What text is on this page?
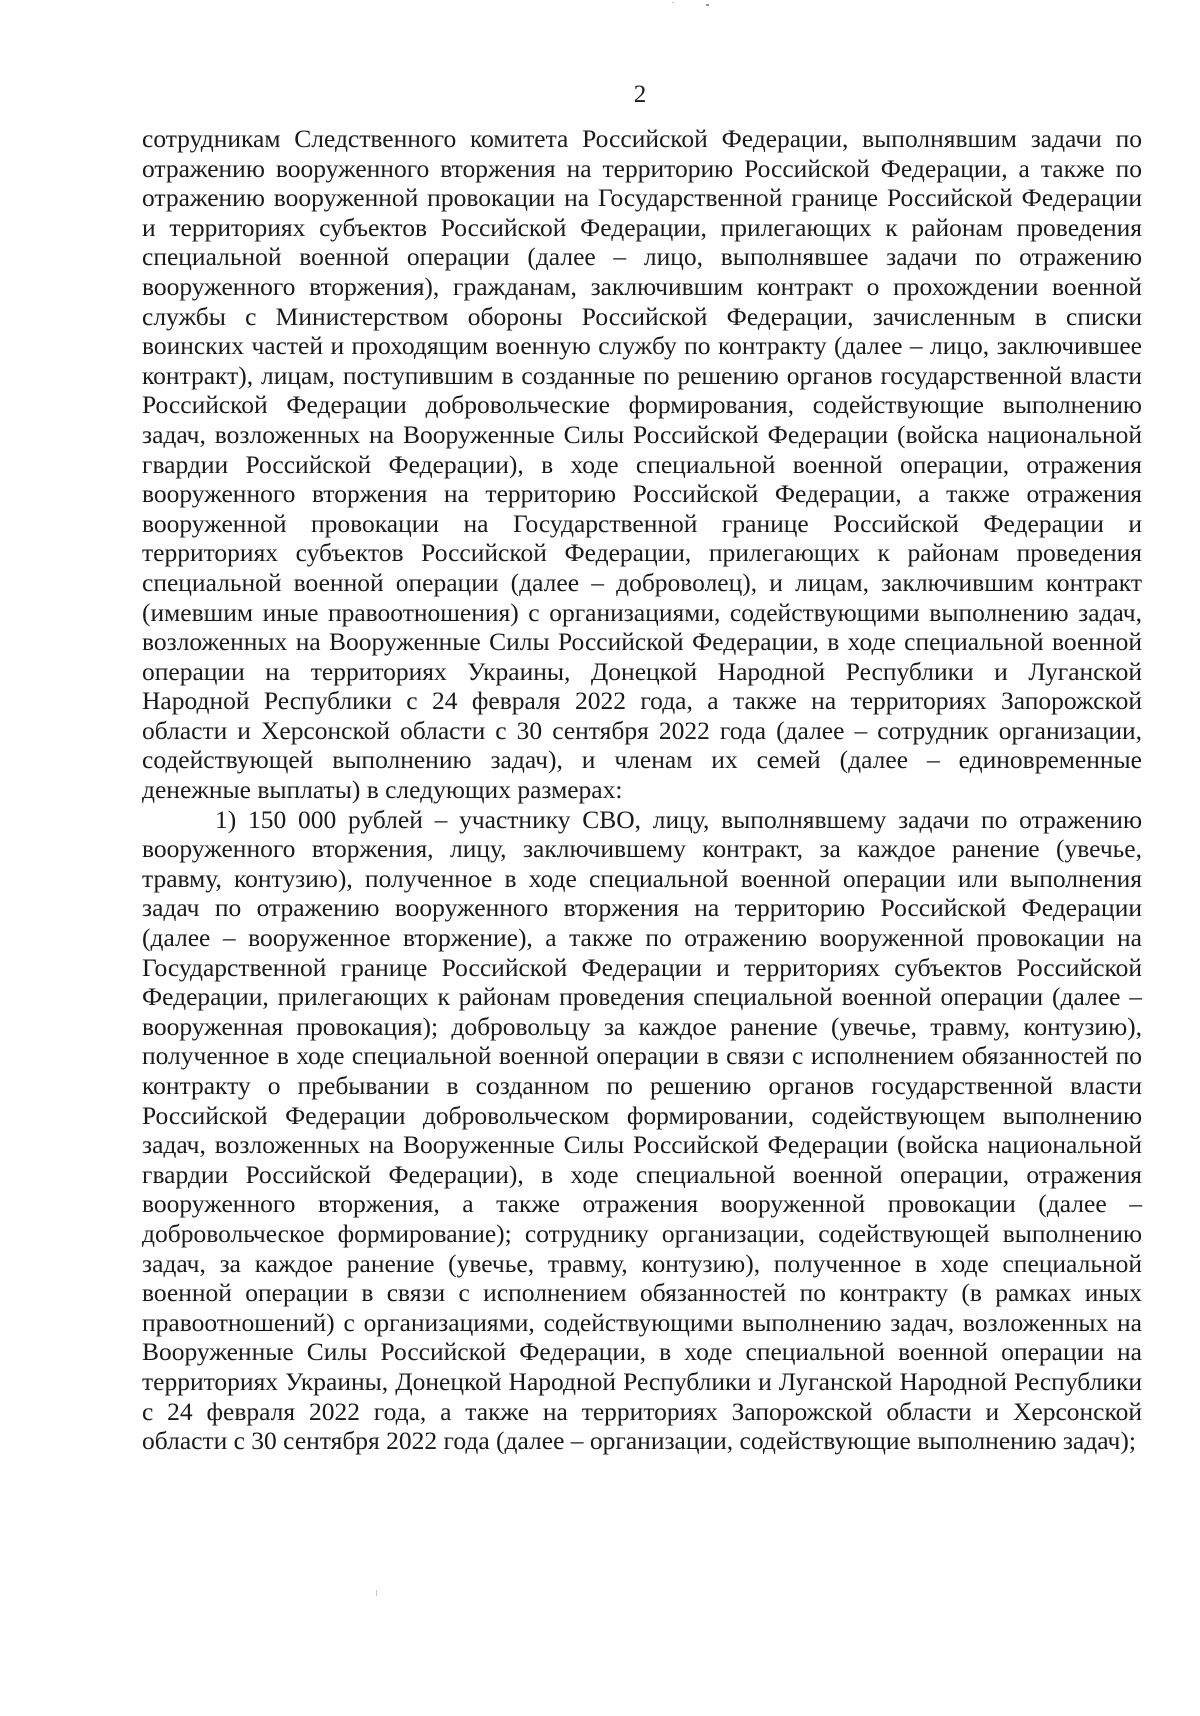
2

сотрудникам Следственного комитета Российской Федерации, выполнявшим задачи по отражению вооруженного вторжения на территорию Российской Федерации, а также по отражению вооруженной провокации на Государственной границе Российской Федерации и территориях субъектов Российской Федерации, прилегающих к районам проведения специальной военной операции (далее – лицо, выполнявшее задачи по отражению вооруженного вторжения), гражданам, заключившим контракт о прохождении военной службы с Министерством обороны Российской Федерации, зачисленным в списки воинских частей и проходящим военную службу по контракту (далее – лицо, заключившее контракт), лицам, поступившим в созданные по решению органов государственной власти Российской Федерации добровольческие формирования, содействующие выполнению задач, возложенных на Вооруженные Силы Российской Федерации (войска национальной гвардии Российской Федерации), в ходе специальной военной операции, отражения вооруженного вторжения на территорию Российской Федерации, а также отражения вооруженной провокации на Государственной границе Российской Федерации и территориях субъектов Российской Федерации, прилегающих к районам проведения специальной военной операции (далее – доброволец), и лицам, заключившим контракт (имевшим иные правоотношения) с организациями, содействующими выполнению задач, возложенных на Вооруженные Силы Российской Федерации, в ходе специальной военной операции на территориях Украины, Донецкой Народной Республики и Луганской Народной Республики с 24 февраля 2022 года, а также на территориях Запорожской области и Херсонской области с 30 сентября 2022 года (далее – сотрудник организации, содействующей выполнению задач), и членам их семей (далее – единовременные денежные выплаты) в следующих размерах:

1) 150 000 рублей – участнику СВО, лицу, выполнявшему задачи по отражению вооруженного вторжения, лицу, заключившему контракт, за каждое ранение (увечье, травму, контузию), полученное в ходе специальной военной операции или выполнения задач по отражению вооруженного вторжения на территорию Российской Федерации (далее – вооруженное вторжение), а также по отражению вооруженной провокации на Государственной границе Российской Федерации и территориях субъектов Российской Федерации, прилегающих к районам проведения специальной военной операции (далее – вооруженная провокация); добровольцу за каждое ранение (увечье, травму, контузию), полученное в ходе специальной военной операции в связи с исполнением обязанностей по контракту о пребывании в созданном по решению органов государственной власти Российской Федерации добровольческом формировании, содействующем выполнению задач, возложенных на Вооруженные Силы Российской Федерации (войска национальной гвардии Российской Федерации), в ходе специальной военной операции, отражения вооруженного вторжения, а также отражения вооруженной провокации (далее – добровольческое формирование); сотруднику организации, содействующей выполнению задач, за каждое ранение (увечье, травму, контузию), полученное в ходе специальной военной операции в связи с исполнением обязанностей по контракту (в рамках иных правоотношений) с организациями, содействующими выполнению задач, возложенных на Вооруженные Силы Российской Федерации, в ходе специальной военной операции на территориях Украины, Донецкой Народной Республики и Луганской Народной Республики с 24 февраля 2022 года, а также на территориях Запорожской области и Херсонской области с 30 сентября 2022 года (далее – организации, содействующие выполнению задач);
